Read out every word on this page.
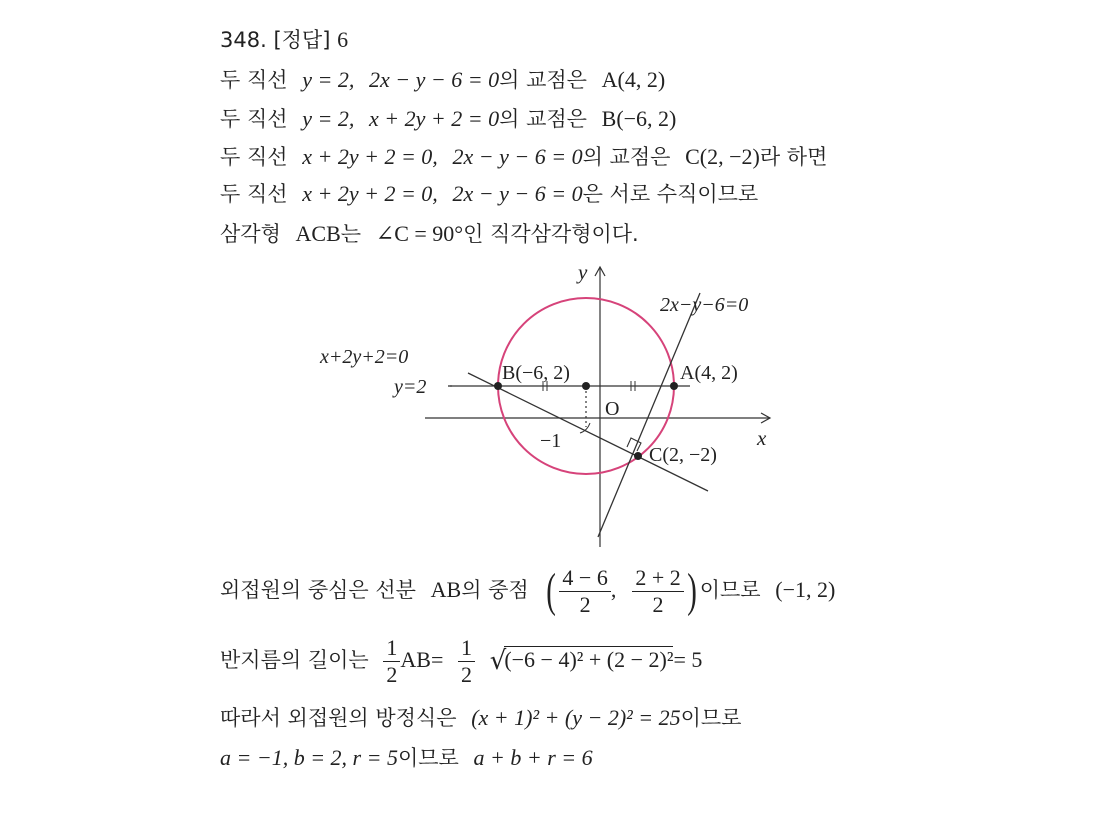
348. [정답] 6
두 직선 y = 2, 2x − y − 6 = 0의 교점은 A(4, 2)
두 직선 y = 2, x + 2y + 2 = 0의 교점은 B(−6, 2)
두 직선 x + 2y + 2 = 0, 2x − y − 6 = 0의 교점은 C(2, −2)라 하면
두 직선 x + 2y + 2 = 0, 2x − y − 6 = 0은 서로 수직이므로
삼각형 ACB는 ∠C = 90°인 직각삼각형이다.
y
x
O
2x−y−6=0
x+2y+2=0
y=2
A(4, 2)
B(−6, 2)
C(2, −2)
−1
외접원의 중심은 선분 AB의 중점 ( $\frac{4 - 6}{2}$ , $\frac{2 + 2}{2}$ ) 이므로 (−1, 2)
반지름의 길이는 $\frac{1}{2} AB= \frac{1}{2} √(-6 - 4)^2 + (2 - 2)^2= 5$
따라서 외접원의 방정식은 (x + 1)² + (y − 2)² = 25이므로
a = −1, b = 2, r = 5이므로 a + b + r = 6
